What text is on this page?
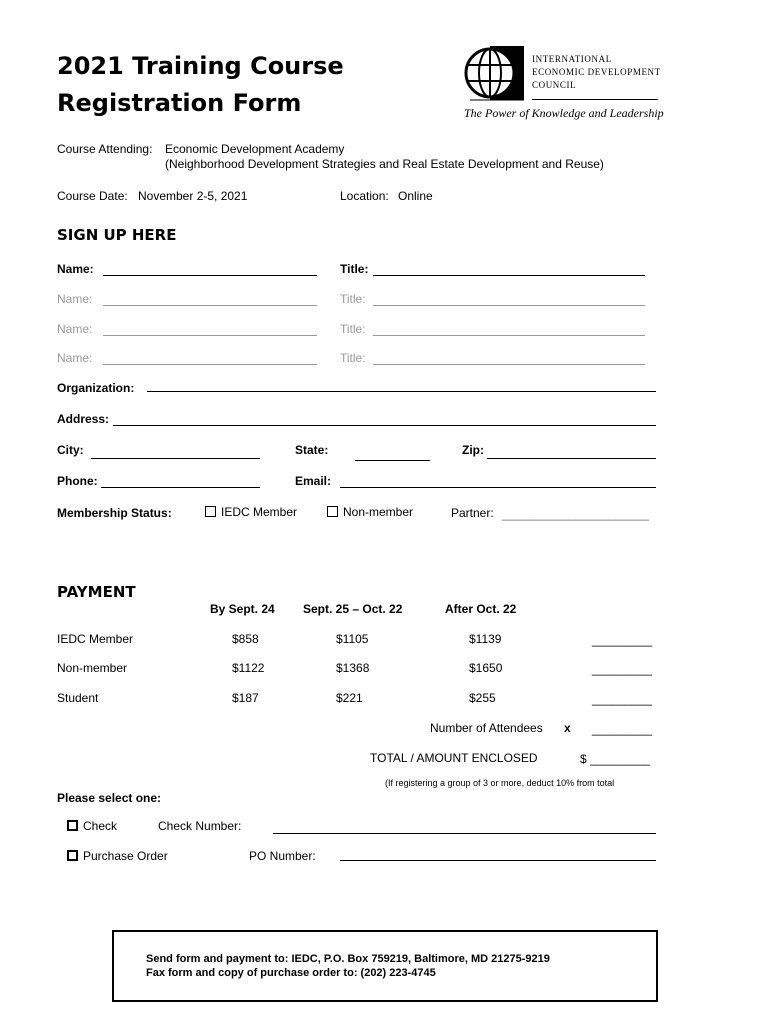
2021 Training Course
Registration Form
INTERNATIONAL
ECONOMIC DEVELOPMENT
COUNCIL
The Power of Knowledge and Leadership
Course Attending: Economic Development Academy
(Neighborhood Development Strategies and Real Estate Development and Reuse)
Course Date: November 2-5, 2021	Location: Online
SIGN UP HERE
Name:	Title:
Name:	Title:
Name:	Title:
Name:	Title:
Organization:
Address:
City:	State:	Zip:
Phone:	Email:
Membership Status:	IEDC Member	Non-member	Partner: ______________________
PAYMENT
By Sept. 24 Sept. 25 – Oct. 22	After Oct. 22
IEDC Member	$858	$1105	$1139	_________
Non-member	$1122	$1368	$1650	_________
Student	$187	$221	$255	_________
Number of Attendees x _________
TOTAL / AMOUNT ENCLOSED	$ _________
(If registering a group of 3 or more, deduct 10% from total
Please select one:
Check	Check Number:
Purchase Order	PO Number:
Send form and payment to: IEDC, P.O. Box 759219, Baltimore, MD 21275-9219
Fax form and copy of purchase order to: (202) 223-4745
